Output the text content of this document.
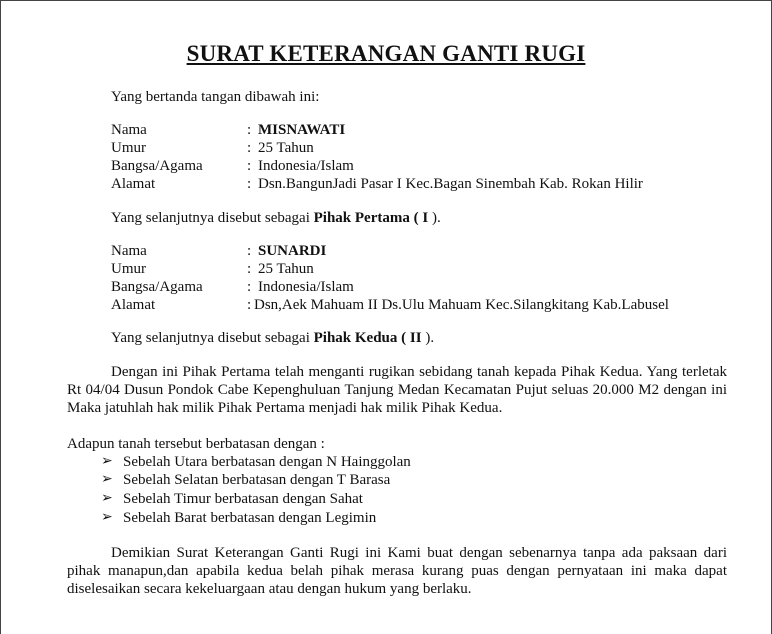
SURAT KETERANGAN GANTI RUGI
Yang bertanda tangan dibawah ini:
Nama	: MISNAWATI
Umur	: 25 Tahun
Bangsa/Agama	: Indonesia/Islam
Alamat	: Dsn.BangunJadi Pasar I Kec.Bagan Sinembah Kab. Rokan Hilir
Yang selanjutnya disebut sebagai Pihak Pertama ( I ).
Nama	: SUNARDI
Umur	: 25 Tahun
Bangsa/Agama	: Indonesia/Islam
Alamat	: Dsn,Aek Mahuam II Ds.Ulu Mahuam Kec.Silangkitang Kab.Labusel
Yang selanjutnya disebut sebagai Pihak Kedua ( II ).
Dengan ini Pihak Pertama telah menganti rugikan sebidang tanah kepada Pihak Kedua. Yang terletak Rt 04/04 Dusun Pondok Cabe Kepenghuluan Tanjung Medan Kecamatan Pujut seluas 20.000 M2 dengan ini Maka jatuhlah hak milik Pihak Pertama menjadi hak milik Pihak Kedua.
Adapun tanah tersebut berbatasan dengan :
➢ Sebelah Utara berbatasan dengan N Hainggolan
➢ Sebelah Selatan berbatasan dengan T Barasa
➢ Sebelah Timur berbatasan dengan Sahat
➢ Sebelah Barat berbatasan dengan Legimin
Demikian Surat Keterangan Ganti Rugi ini Kami buat dengan sebenarnya tanpa ada paksaan dari pihak manapun,dan apabila kedua belah pihak merasa kurang puas dengan pernyataan ini maka dapat diselesaikan secara kekeluargaan atau dengan hukum yang berlaku.
